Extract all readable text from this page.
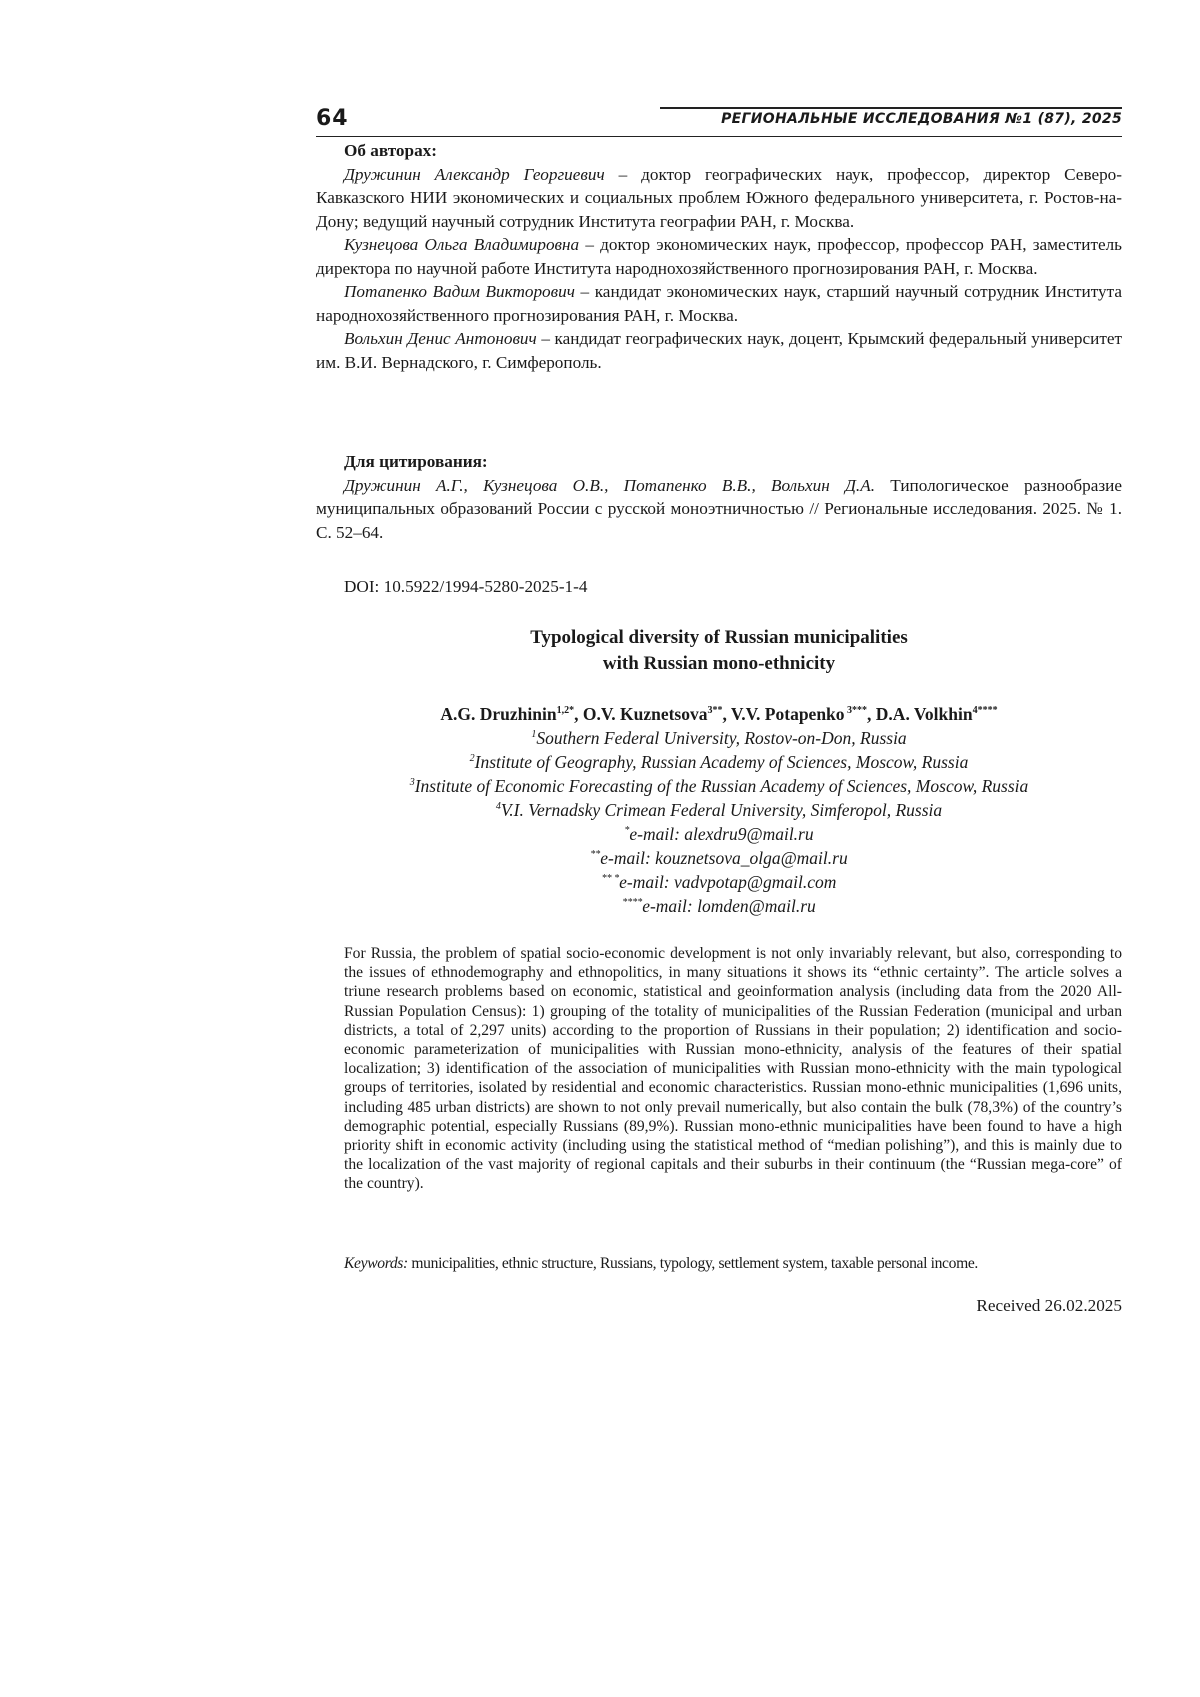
64	РЕГИОНАЛЬНЫЕ ИССЛЕДОВАНИЯ №1 (87), 2025
Об авторах:

Дружинин Александр Георгиевич – доктор географических наук, профессор, директор Северо-Кавказского НИИ экономических и социальных проблем Южного федерального университета, г. Ростов-на-Дону; ведущий научный сотрудник Института географии РАН, г. Москва.

Кузнецова Ольга Владимировна – доктор экономических наук, профессор, профессор РАН, заместитель директора по научной работе Института народнохозяйственного прогнозирования РАН, г. Москва.

Потапенко Вадим Викторович – кандидат экономических наук, старший научный сотрудник Института народнохозяйственного прогнозирования РАН, г. Москва.

Вольхин Денис Антонович – кандидат географических наук, доцент, Крымский федеральный университет им. В.И. Вернадского, г. Симферополь.

Для цитирования:

Дружинин А.Г., Кузнецова О.В., Потапенко В.В., Вольхин Д.А. Типологическое разнообразие муниципальных образований России с русской моноэтничностью // Региональные исследования. 2025. № 1. С. 52–64.

DOI: 10.5922/1994-5280-2025-1-4
Typological diversity of Russian municipalities
with Russian mono-ethnicity
A.G. Druzhinin$^{1,2*}$, O.V. Kuznetsova$^{3**}$, V.V. Potapenko $^{3***}$, D.A. Volkhin$^{4****}$
$^1$Southern Federal University, Rostov-on-Don, Russia
$^2$Institute of Geography, Russian Academy of Sciences, Moscow, Russia
$^3$Institute of Economic Forecasting of the Russian Academy of Sciences, Moscow, Russia
$^4$V.I. Vernadsky Crimean Federal University, Simferopol, Russia
*e-mail: alexdru9@mail.ru
**e-mail: kouznetsova_olga@mail.ru
** *e-mail: vadvpotap@gmail.com
****e-mail: lomden@mail.ru
For Russia, the problem of spatial socio-economic development is not only invariably relevant, but also, corresponding to the issues of ethnodemography and ethnopolitics, in many situations it shows its “ethnic certainty”. The article solves a triune research problems based on economic, statistical and geoinformation analysis (including data from the 2020 All-Russian Population Census): 1) grouping of the totality of municipalities of the Russian Federation (municipal and urban districts, a total of 2,297 units) according to the proportion of Russians in their population; 2) identification and socio-economic parameterization of municipalities with Russian mono-ethnicity, analysis of the features of their spatial localization; 3) identification of the association of municipalities with Russian mono-ethnicity with the main typological groups of territories, isolated by residential and economic characteristics. Russian mono-ethnic municipalities (1,696 units, including 485 urban districts) are shown to not only prevail numerically, but also contain the bulk (78,3%) of the country’s demographic potential, especially Russians (89,9%). Russian mono-ethnic municipalities have been found to have a high priority shift in economic activity (including using the statistical method of “median polishing”), and this is mainly due to the localization of the vast majority of regional capitals and their suburbs in their continuum (the “Russian mega-core” of the country).
Keywords: municipalities, ethnic structure, Russians, typology, settlement system, taxable personal income.
Received 26.02.2025
